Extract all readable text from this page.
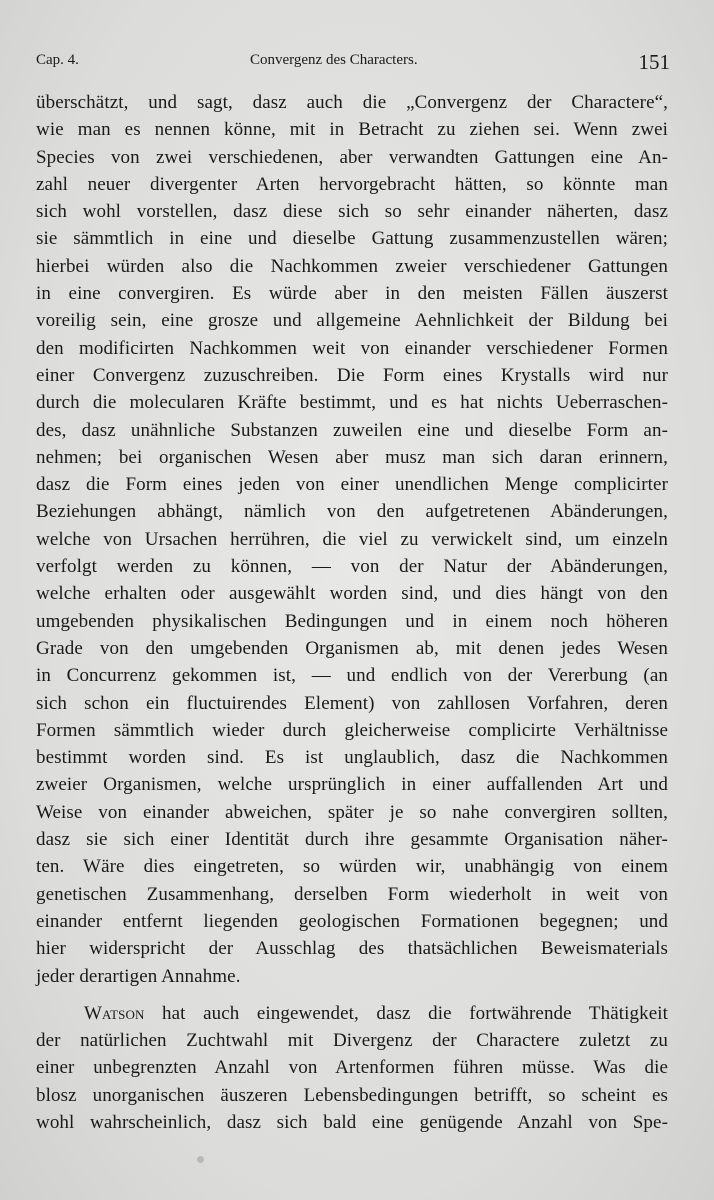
Cap. 4.	Convergenz des Characters.	151
überschätzt, und sagt, dasz auch die „Convergenz der Charactere“,
wie man es nennen könne, mit in Betracht zu ziehen sei. Wenn zwei
Species von zwei verschiedenen, aber verwandten Gattungen eine An-
zahl neuer divergenter Arten hervorgebracht hätten, so könnte man
sich wohl vorstellen, dasz diese sich so sehr einander näherten, dasz
sie sämmtlich in eine und dieselbe Gattung zusammenzustellen wären;
hierbei würden also die Nachkommen zweier verschiedener Gattungen
in eine convergiren. Es würde aber in den meisten Fällen äuszerst
voreilig sein, eine grosze und allgemeine Aehnlichkeit der Bildung bei
den modificirten Nachkommen weit von einander verschiedener Formen
einer Convergenz zuzuschreiben. Die Form eines Krystalls wird nur
durch die molecularen Kräfte bestimmt, und es hat nichts Ueberraschen-
des, dasz unähnliche Substanzen zuweilen eine und dieselbe Form an-
nehmen; bei organischen Wesen aber musz man sich daran erinnern,
dasz die Form eines jeden von einer unendlichen Menge complicirter
Beziehungen abhängt, nämlich von den aufgetretenen Abänderungen,
welche von Ursachen herrühren, die viel zu verwickelt sind, um einzeln
verfolgt werden zu können, — von der Natur der Abänderungen,
welche erhalten oder ausgewählt worden sind, und dies hängt von den
umgebenden physikalischen Bedingungen und in einem noch höheren
Grade von den umgebenden Organismen ab, mit denen jedes Wesen
in Concurrenz gekommen ist, — und endlich von der Vererbung (an
sich schon ein fluctuirendes Element) von zahllosen Vorfahren, deren
Formen sämmtlich wieder durch gleicherweise complicirte Verhältnisse
bestimmt worden sind. Es ist unglaublich, dasz die Nachkommen
zweier Organismen, welche ursprünglich in einer auffallenden Art und
Weise von einander abweichen, später je so nahe convergiren sollten,
dasz sie sich einer Identität durch ihre gesammte Organisation näher-
ten. Wäre dies eingetreten, so würden wir, unabhängig von einem
genetischen Zusammenhang, derselben Form wiederholt in weit von
einander entfernt liegenden geologischen Formationen begegnen; und
hier widerspricht der Ausschlag des thatsächlichen Beweismaterials
jeder derartigen Annahme.
Watson hat auch eingewendet, dasz die fortwährende Thätigkeit
der natürlichen Zuchtwahl mit Divergenz der Charactere zuletzt zu
einer unbegrenzten Anzahl von Artenformen führen müsse. Was die
blosz unorganischen äuszeren Lebensbedingungen betrifft, so scheint es
wohl wahrscheinlich, dasz sich bald eine genügende Anzahl von Spe-
